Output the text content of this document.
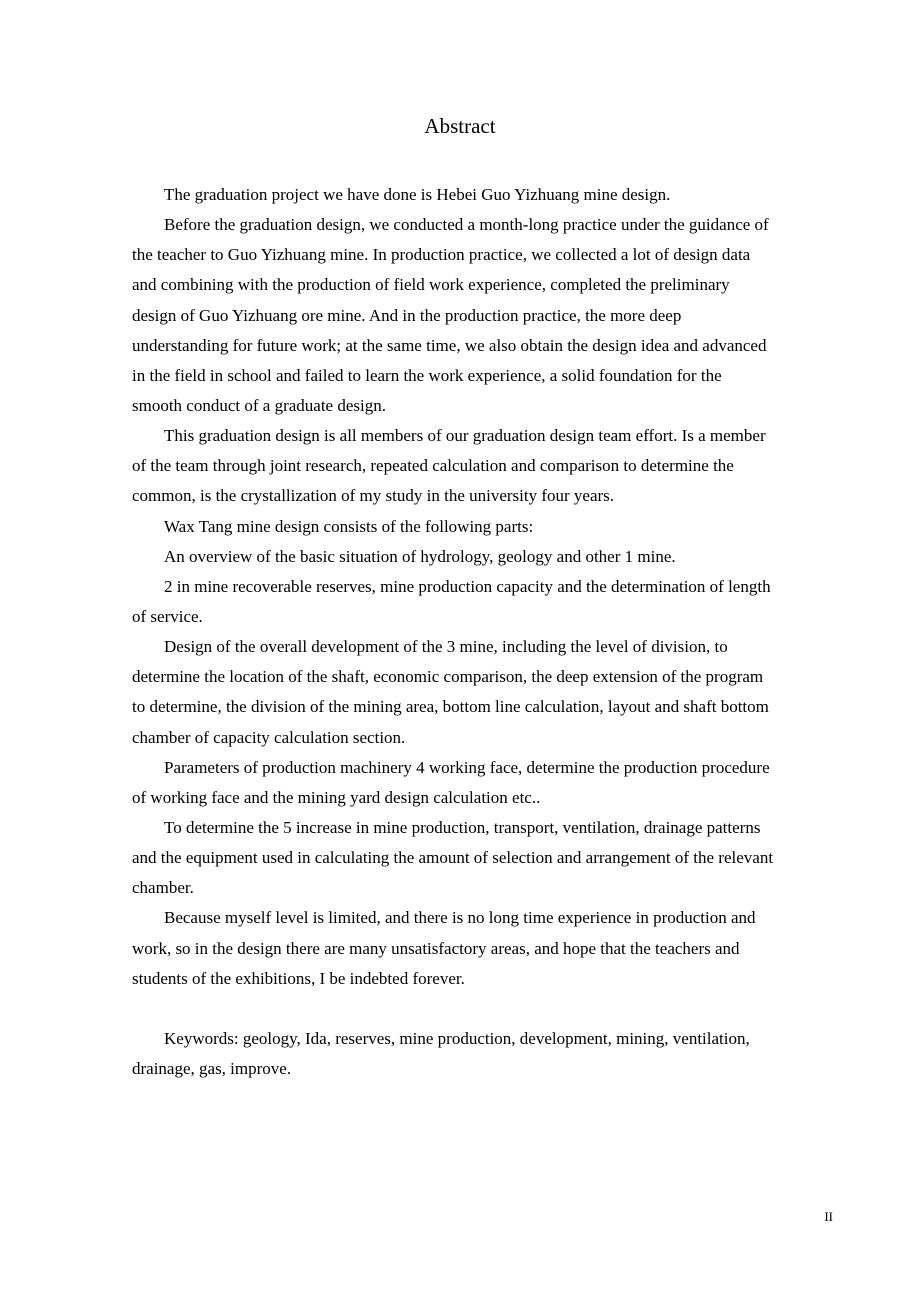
Abstract
The graduation project we have done is Hebei Guo Yizhuang mine design.
Before the graduation design, we conducted a month-long practice under the guidance of
the teacher to Guo Yizhuang mine. In production practice, we collected a lot of design data
and combining with the production of field work experience, completed the preliminary
design of Guo Yizhuang ore mine. And in the production practice, the more deep
understanding for future work; at the same time, we also obtain the design idea and advanced
in the field in school and failed to learn the work experience, a solid foundation for the
smooth conduct of a graduate design.
This graduation design is all members of our graduation design team effort. Is a member
of the team through joint research, repeated calculation and comparison to determine the
common, is the crystallization of my study in the university four years.
Wax Tang mine design consists of the following parts:
An overview of the basic situation of hydrology, geology and other 1 mine.
2 in mine recoverable reserves, mine production capacity and the determination of length
of service.
Design of the overall development of the 3 mine, including the level of division, to
determine the location of the shaft, economic comparison, the deep extension of the program
to determine, the division of the mining area, bottom line calculation, layout and shaft bottom
chamber of capacity calculation section.
Parameters of production machinery 4 working face, determine the production procedure
of working face and the mining yard design calculation etc..
To determine the 5 increase in mine production, transport, ventilation, drainage patterns
and the equipment used in calculating the amount of selection and arrangement of the relevant
chamber.
Because myself level is limited, and there is no long time experience in production and
work, so in the design there are many unsatisfactory areas, and hope that the teachers and
students of the exhibitions, I be indebted forever.
Keywords: geology, Ida, reserves, mine production, development, mining, ventilation,
drainage, gas, improve.
II
